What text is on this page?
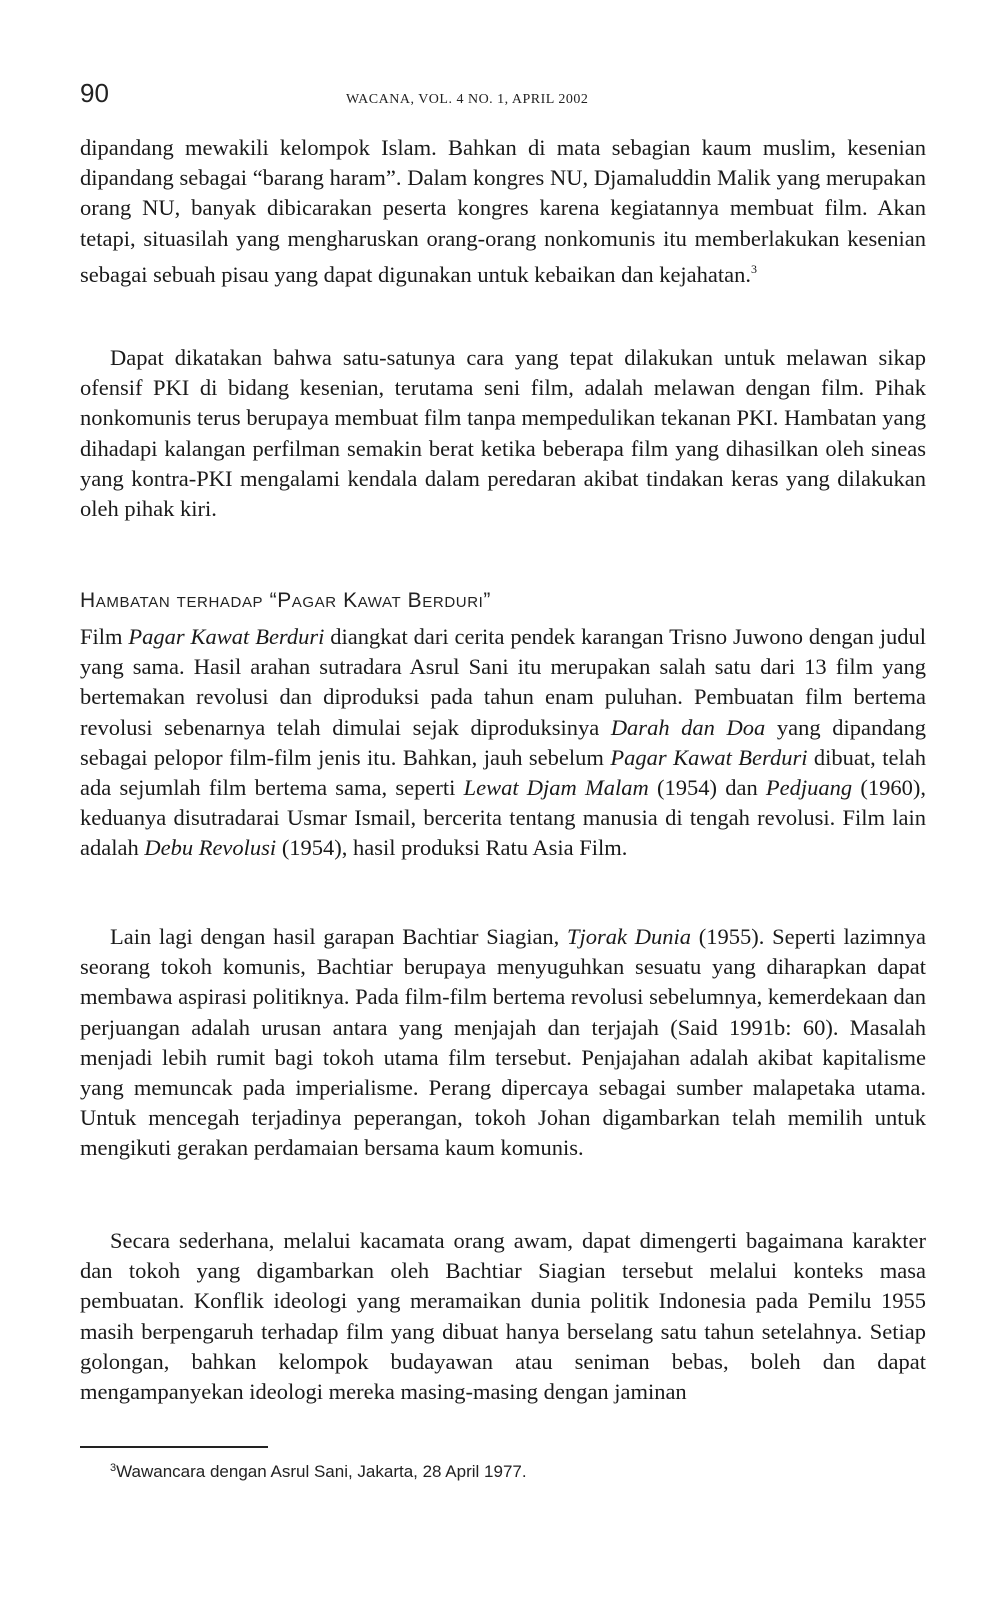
90	WACANA, VOL. 4 NO. 1, APRIL 2002

dipandang mewakili kelompok Islam. Bahkan di mata sebagian kaum muslim, kesenian dipandang sebagai “barang haram”. Dalam kongres NU, Djamaluddin Malik yang merupakan orang NU, banyak dibicarakan peserta kongres karena kegiatannya membuat film. Akan tetapi, situasilah yang mengharuskan orang-orang nonkomunis itu memberlakukan kesenian sebagai sebuah pisau yang dapat digunakan untuk kebaikan dan kejahatan.$^3$

Dapat dikatakan bahwa satu-satunya cara yang tepat dilakukan untuk melawan sikap ofensif PKI di bidang kesenian, terutama seni film, adalah melawan dengan film. Pihak nonkomunis terus berupaya membuat film tanpa mempedulikan tekanan PKI. Hambatan yang dihadapi kalangan perfilman semakin berat ketika beberapa film yang dihasilkan oleh sineas yang kontra-PKI mengalami kendala dalam peredaran akibat tindakan keras yang dilakukan oleh pihak kiri.

Hambatan terhadap “Pagar Kawat Berduri”

Film Pagar Kawat Berduri diangkat dari cerita pendek karangan Trisno Juwono dengan judul yang sama. Hasil arahan sutradara Asrul Sani itu merupakan salah satu dari 13 film yang bertemakan revolusi dan diproduksi pada tahun enam puluhan. Pembuatan film bertema revolusi sebenarnya telah dimulai sejak diproduksinya Darah dan Doa yang dipandang sebagai pelopor film-film jenis itu. Bahkan, jauh sebelum Pagar Kawat Berduri dibuat, telah ada sejumlah film bertema sama, seperti Lewat Djam Malam (1954) dan Pedjuang (1960), keduanya disutradarai Usmar Ismail, bercerita tentang manusia di tengah revolusi. Film lain adalah Debu Revolusi (1954), hasil produksi Ratu Asia Film.

Lain lagi dengan hasil garapan Bachtiar Siagian, Tjorak Dunia (1955). Seperti lazimnya seorang tokoh komunis, Bachtiar berupaya menyuguhkan sesuatu yang diharapkan dapat membawa aspirasi politiknya. Pada film-film bertema revolusi sebelumnya, kemerdekaan dan perjuangan adalah urusan antara yang menjajah dan terjajah (Said 1991b: 60). Masalah menjadi lebih rumit bagi tokoh utama film tersebut. Penjajahan adalah akibat kapitalisme yang memuncak pada imperialisme. Perang dipercaya sebagai sumber malapetaka utama. Untuk mencegah terjadinya peperangan, tokoh Johan digambarkan telah memilih untuk mengikuti gerakan perdamaian bersama kaum komunis.

Secara sederhana, melalui kacamata orang awam, dapat dimengerti bagaimana karakter dan tokoh yang digambarkan oleh Bachtiar Siagian tersebut melalui konteks masa pembuatan. Konflik ideologi yang meramaikan dunia politik Indonesia pada Pemilu 1955 masih berpengaruh terhadap film yang dibuat hanya berselang satu tahun setelahnya. Setiap golongan, bahkan kelompok budayawan atau seniman bebas, boleh dan dapat mengampanyekan ideologi mereka masing-masing dengan jaminan

$^3$Wawancara dengan Asrul Sani, Jakarta, 28 April 1977.
